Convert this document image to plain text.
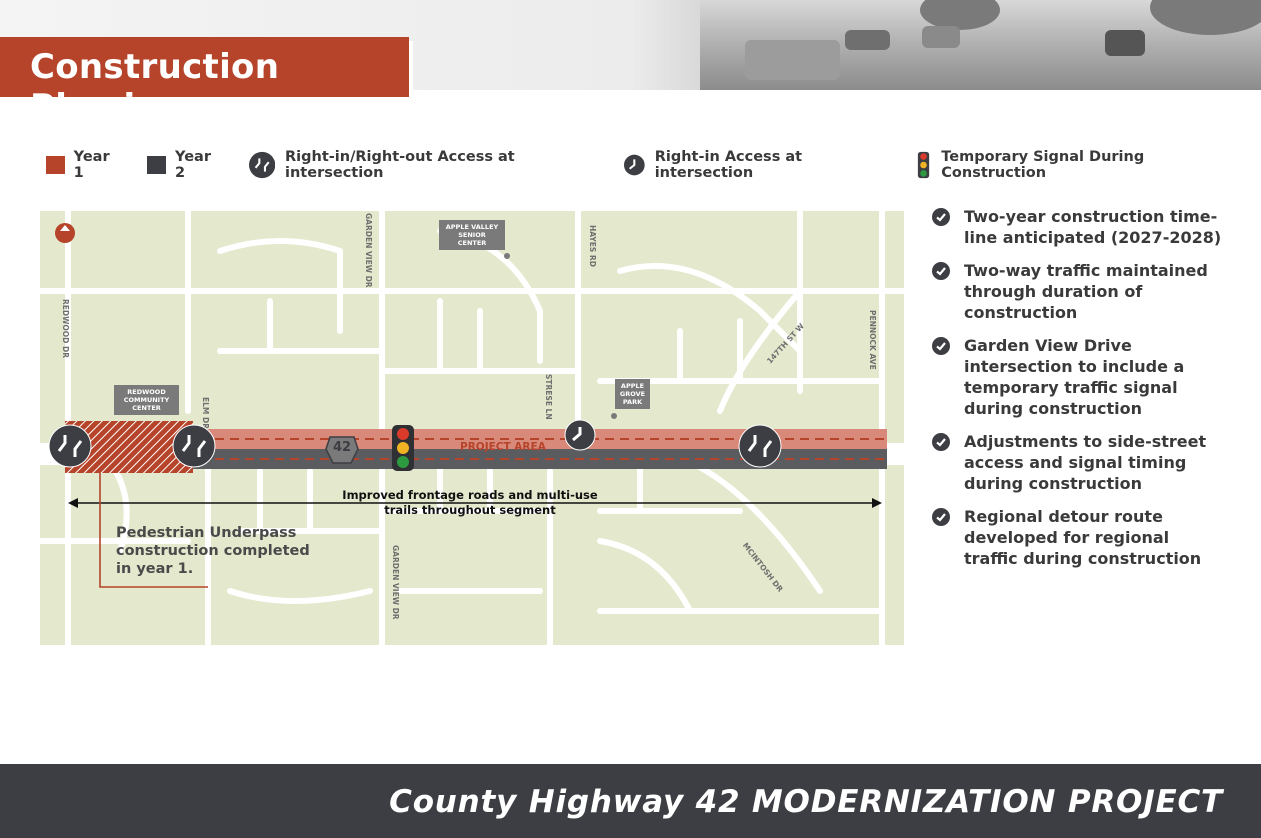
Construction Phasing
Year 1
Year 2
Right-in/Right-out Access at intersection
Right-in Access at intersection
Temporary Signal During Construction
REDWOOD DR
GARDEN VIEW DR
GARDEN VIEW DR
HAYES RD
STRESE LN
ELM DR
PENNOCK AVE
147TH ST W
MCINTOSH DR
APPLE VALLEY SENIOR CENTER
REDWOOD COMMUNITY CENTER
APPLE GROVE PARK
42	PROJECT AREA
Improved frontage roads and multi-use trails throughout segment
Pedestrian Underpass construction completed in year 1.
Two-year construction time-line anticipated (2027-2028)
Two-way traffic maintained through duration of construction
Garden View Drive intersection to include a temporary traffic signal during construction
Adjustments to side-street access and signal timing during construction
Regional detour route developed for regional traffic during construction
County Highway 42 MODERNIZATION PROJECT
